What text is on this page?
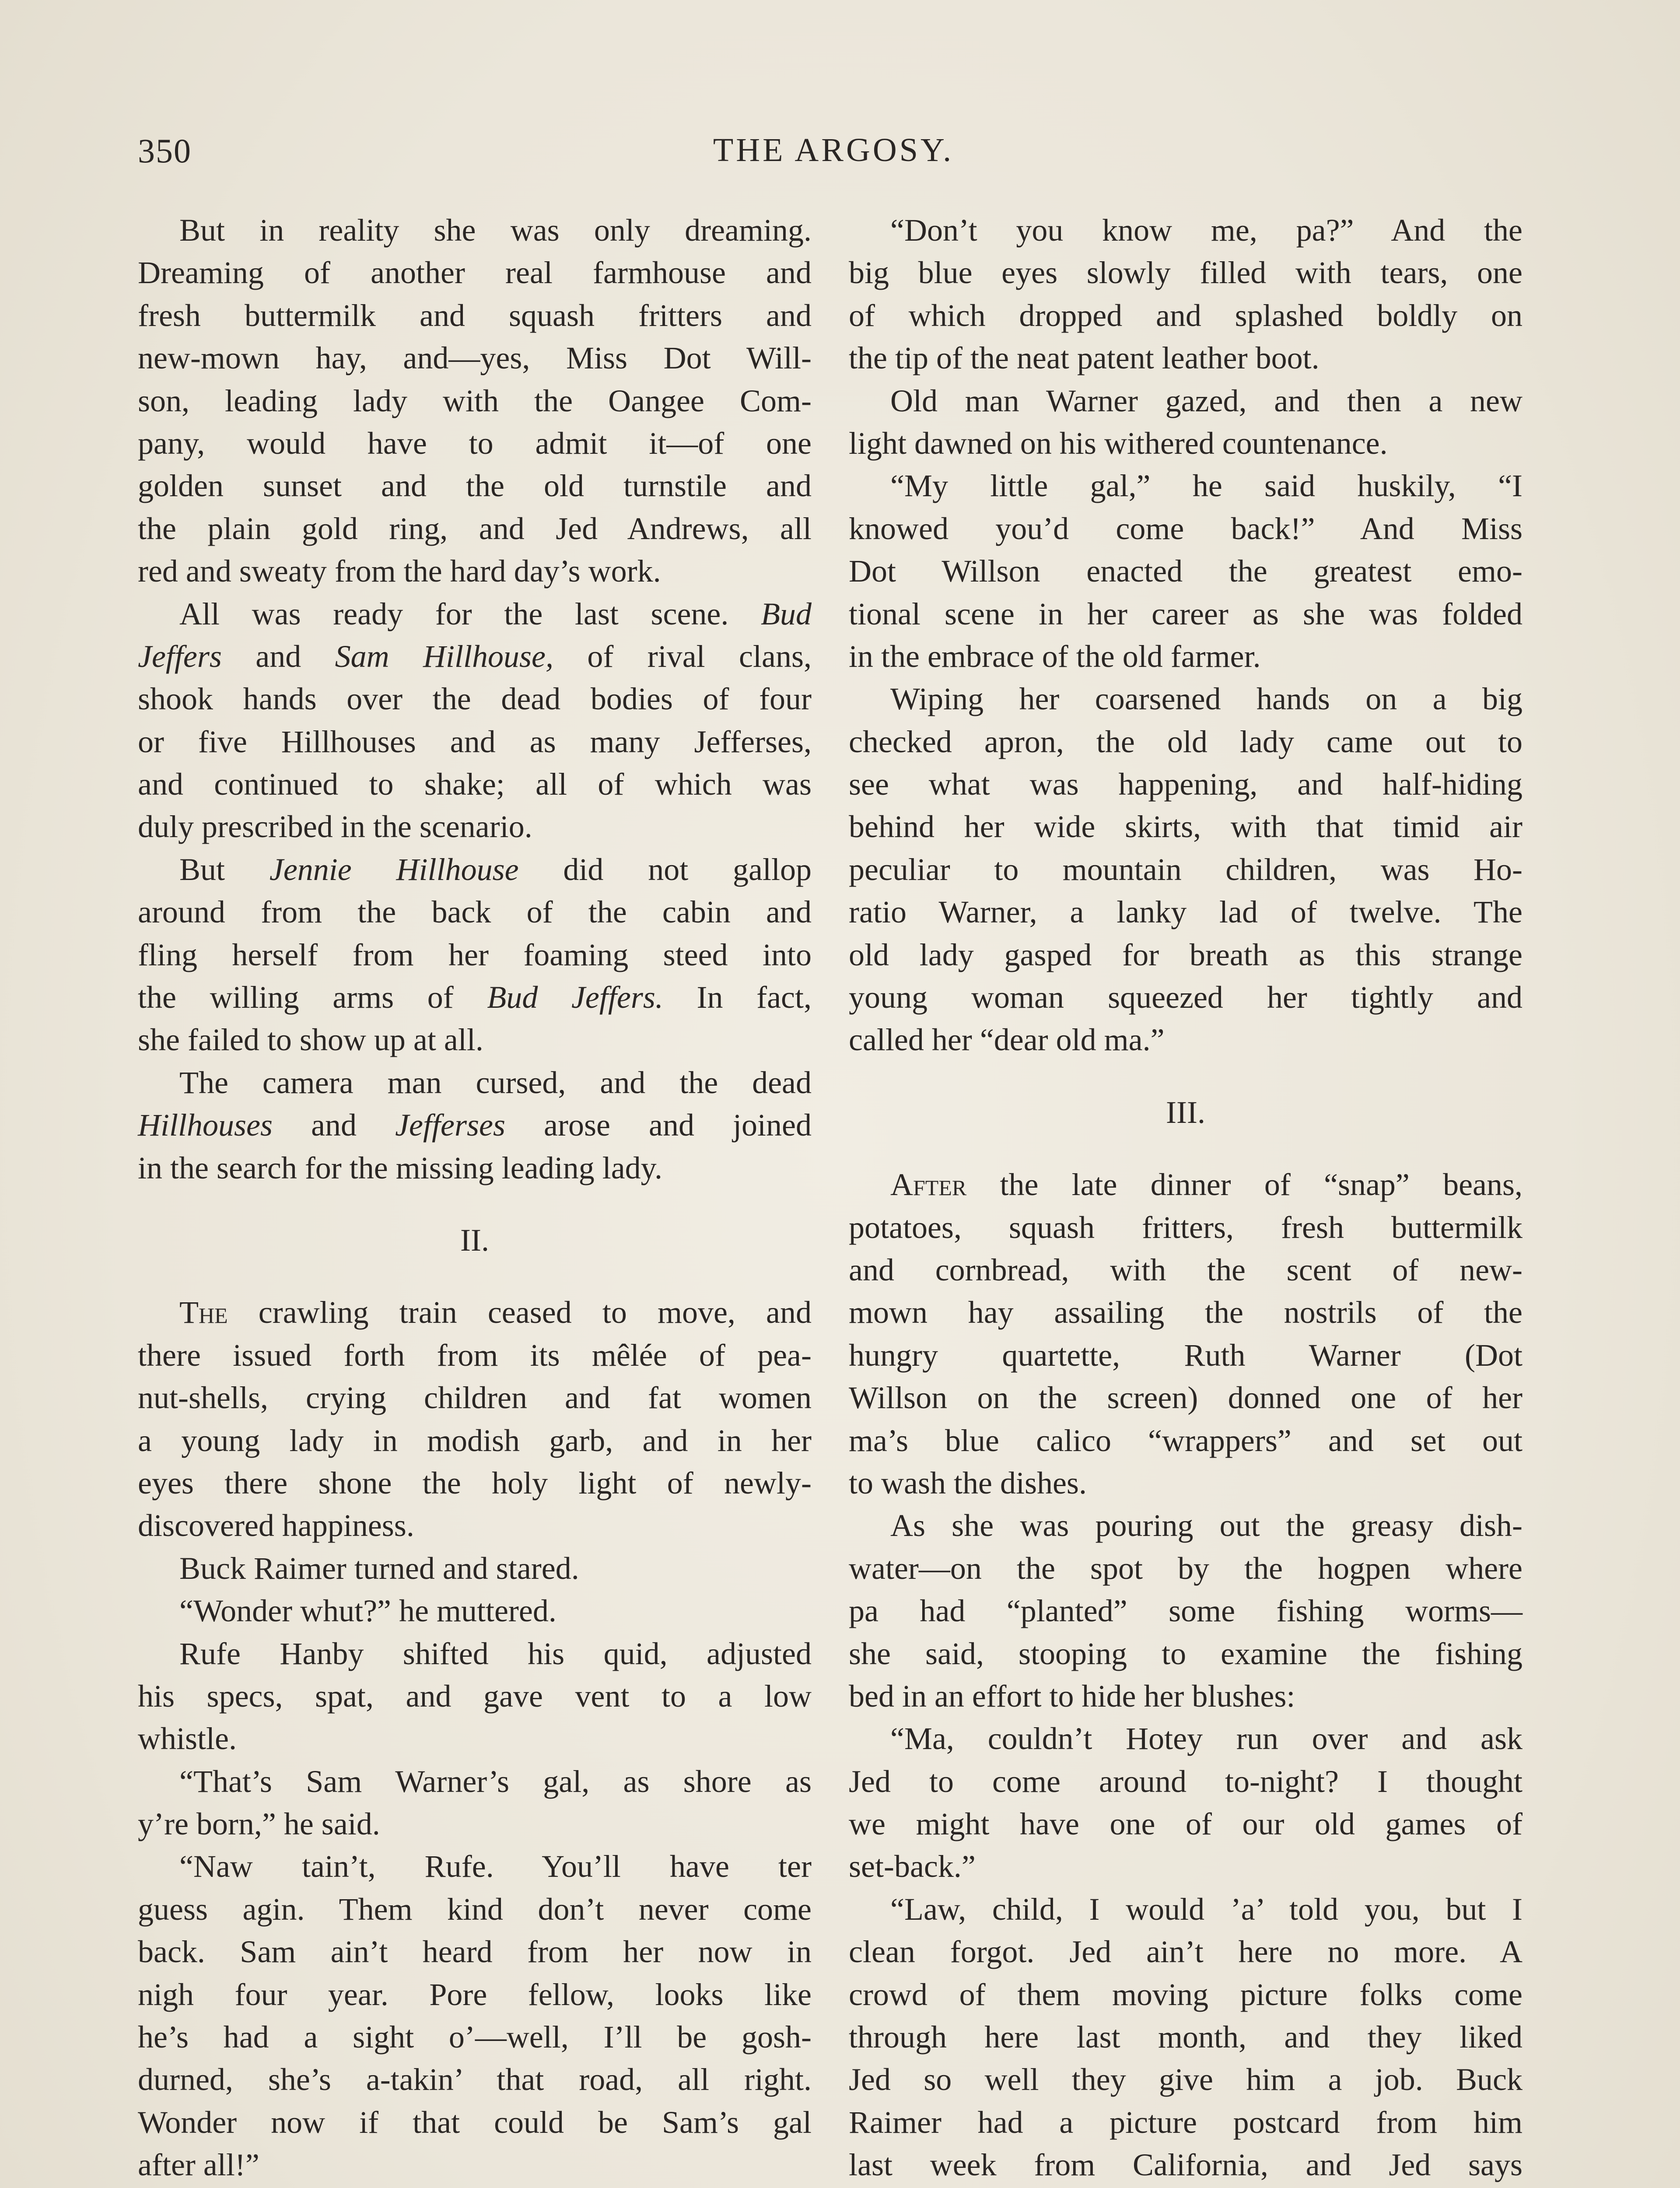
350	THE ARGOSY.
But in reality she was only dreaming.
Dreaming of another real farmhouse and
fresh buttermilk and squash fritters and
new-mown hay, and—yes, Miss Dot Will-
son, leading lady with the Oangee Com-
pany, would have to admit it—of one
golden sunset and the old turnstile and
the plain gold ring, and Jed Andrews, all
red and sweaty from the hard day’s work.
All was ready for the last scene. Bud
Jeffers and Sam Hillhouse, of rival clans,
shook hands over the dead bodies of four
or five Hillhouses and as many Jefferses,
and continued to shake; all of which was
duly prescribed in the scenario.
But Jennie Hillhouse did not gallop
around from the back of the cabin and
fling herself from her foaming steed into
the willing arms of Bud Jeffers. In fact,
she failed to show up at all.
The camera man cursed, and the dead
Hillhouses and Jefferses arose and joined
in the search for the missing leading lady.
II.
The crawling train ceased to move, and
there issued forth from its mêlée of pea-
nut-shells, crying children and fat women
a young lady in modish garb, and in her
eyes there shone the holy light of newly-
discovered happiness.
Buck Raimer turned and stared.
“Wonder whut?” he muttered.
Rufe Hanby shifted his quid, adjusted
his specs, spat, and gave vent to a low
whistle.
“That’s Sam Warner’s gal, as shore as
y’re born,” he said.
“Naw tain’t, Rufe. You’ll have ter
guess agin. Them kind don’t never come
back. Sam ain’t heard from her now in
nigh four year. Pore fellow, looks like
he’s had a sight o’—well, I’ll be gosh-
durned, she’s a-takin’ that road, all right.
Wonder now if that could be Sam’s gal
after all!”
“Don’t you know me, pa?” And the
big blue eyes slowly filled with tears, one
of which dropped and splashed boldly on
the tip of the neat patent leather boot.
Old man Warner gazed, and then a new
light dawned on his withered countenance.
“My little gal,” he said huskily, “I
knowed you’d come back!” And Miss
Dot Willson enacted the greatest emo-
tional scene in her career as she was folded
in the embrace of the old farmer.
Wiping her coarsened hands on a big
checked apron, the old lady came out to
see what was happening, and half-hiding
behind her wide skirts, with that timid air
peculiar to mountain children, was Ho-
ratio Warner, a lanky lad of twelve. The
old lady gasped for breath as this strange
young woman squeezed her tightly and
called her “dear old ma.”
III.
After the late dinner of “snap” beans,
potatoes, squash fritters, fresh buttermilk
and cornbread, with the scent of new-
mown hay assailing the nostrils of the
hungry quartette, Ruth Warner (Dot
Willson on the screen) donned one of her
ma’s blue calico “wrappers” and set out
to wash the dishes.
As she was pouring out the greasy dish-
water—on the spot by the hogpen where
pa had “planted” some fishing worms—
she said, stooping to examine the fishing
bed in an effort to hide her blushes:
“Ma, couldn’t Hotey run over and ask
Jed to come around to-night? I thought
we might have one of our old games of
set-back.”
“Law, child, I would ’a’ told you, but I
clean forgot. Jed ain’t here no more. A
crowd of them moving picture folks come
through here last month, and they liked
Jed so well they give him a job. Buck
Raimer had a picture postcard from him
last week from California, and Jed says
